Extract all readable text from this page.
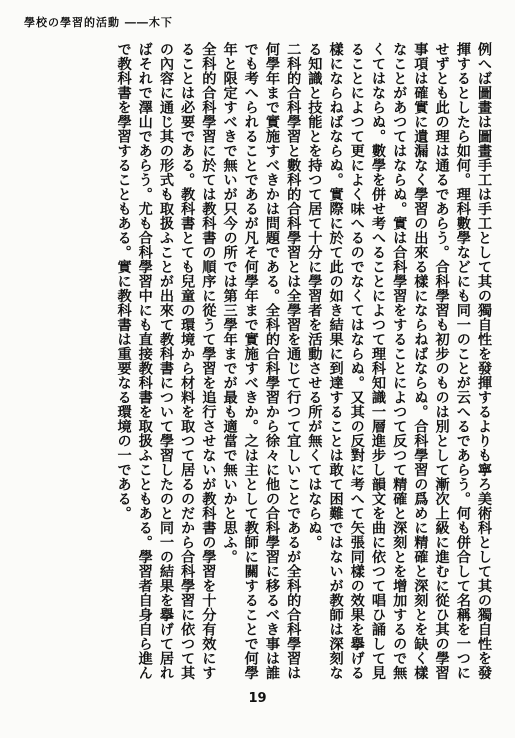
學校の學習的活動 ――木下

例へば圖畫は圖畫手工は手工として其の獨自性を發揮するよりも寧ろ美術科として其の獨自性を發揮するとしたら如何。理科數學などにも同一のことが云へるであらう。何も併合して名稱を一つにせずとも此の理は通るであらう。合科學習も初步のものは別として漸次上級に進むに從ひ其の學習事項は確實に遺漏なく學習の出來る樣にならねばならぬ。合科學習の爲めに精確と深刻とを缺く樣なことがあつてはならぬ。實は合科學習をすることによつて反つて精確と深刻とを增加するので無くてはならぬ。數學を併せ考へることによつて理科知識一層進步し韻文を曲に依つて唱ひ誦して見ることによつて更によく味へるのでなくてはならぬ。又其の反對に考へて矢張同樣の效果を擧げる樣にならねばならぬ。實際に於て此の如き結果に到達することは敢て困難ではないが教師は深刻なる知識と技能とを持つて居て十分に學習者を活動させる所が無くてはならぬ。

二科的合科學習と數科的合科學習とは全學習を通じて行つて宜しいことであるが全科的合科學習は何學年まで實施すべきかは問題である。全科的合科學習から徐々に他の合科學習に移るべき事は誰でも考へられることであるが凡そ何學年まで實施すべきか。之は主として教師に關することで何學年と限定すべきで無いが只今の所では第三學年までが最も適當で無いかと思ふ。

全科的合科學習に於ては教科書の順序に從うて學習を追行させないが教科書の學習を十分有效にすることは必要である。教科書とても兒童の環境から材料を取つて居るのだから合科學習に依つて其の內容に通じ其の形式も取扱ふことが出來て教科書について學習したのと同一の結果を擧げて居ればそれで澤山であらう。尤も合科學習中にも直接教科書を取扱ふこともある。學習者自身自ら進んで教科書を學習することもある。實に教科書は重要なる環境の一である。

19
